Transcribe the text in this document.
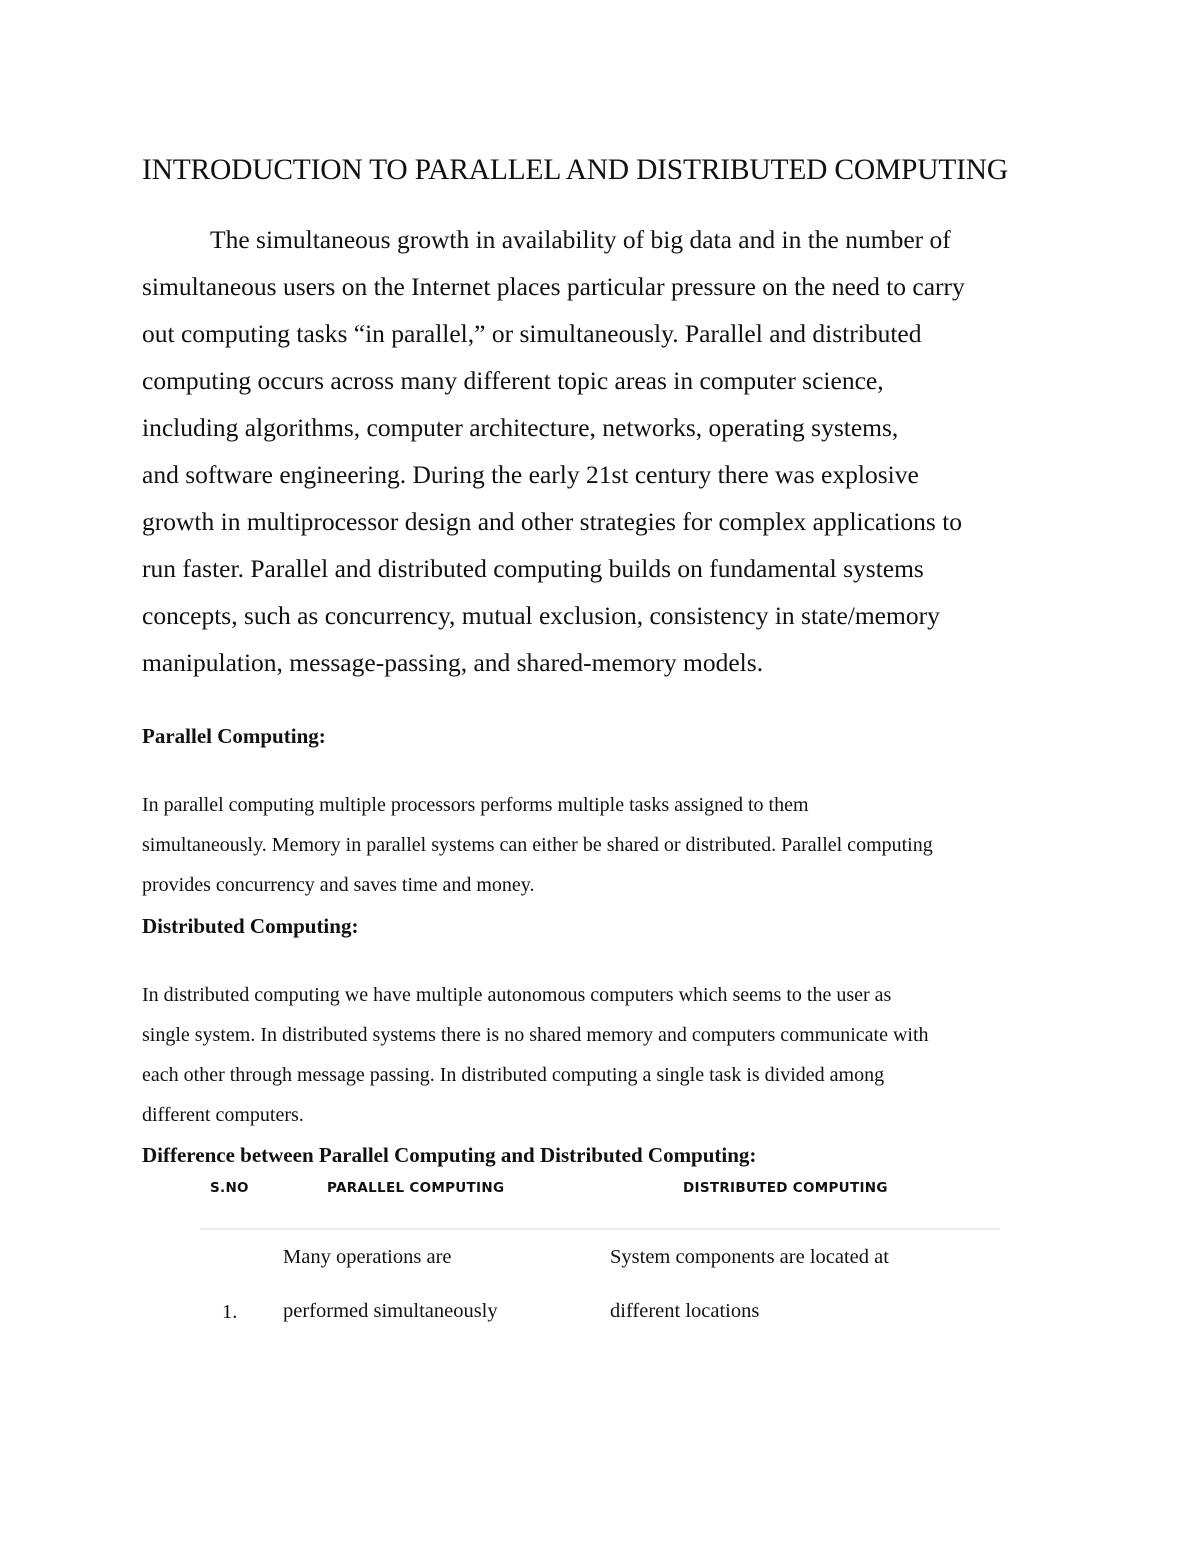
INTRODUCTION TO PARALLEL AND DISTRIBUTED COMPUTING
The simultaneous growth in availability of big data and in the number of
simultaneous users on the Internet places particular pressure on the need to carry
out computing tasks “in parallel,” or simultaneously. Parallel and distributed
computing occurs across many different topic areas in computer science,
including algorithms, computer architecture, networks, operating systems,
and software engineering. During the early 21st century there was explosive
growth in multiprocessor design and other strategies for complex applications to
run faster. Parallel and distributed computing builds on fundamental systems
concepts, such as concurrency, mutual exclusion, consistency in state/memory
manipulation, message-passing, and shared-memory models.
Parallel Computing:
In parallel computing multiple processors performs multiple tasks assigned to them
simultaneously. Memory in parallel systems can either be shared or distributed. Parallel computing
provides concurrency and saves time and money.
Distributed Computing:
In distributed computing we have multiple autonomous computers which seems to the user as
single system. In distributed systems there is no shared memory and computers communicate with
each other through message passing. In distributed computing a single task is divided among
different computers.
Difference between Parallel Computing and Distributed Computing:
S.NO	PARALLEL COMPUTING	DISTRIBUTED COMPUTING
1.
Many operations are
performed simultaneously
System components are located at
different locations
